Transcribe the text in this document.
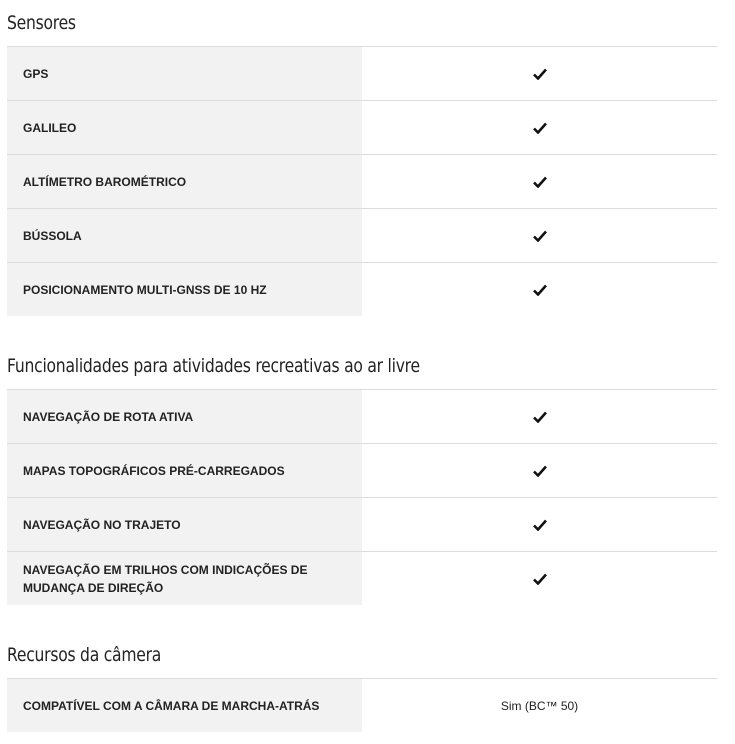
Sensores
GPS
GALILEO
ALTÍMETRO BAROMÉTRICO
BÚSSOLA
POSICIONAMENTO MULTI-GNSS DE 10 HZ
Funcionalidades para atividades recreativas ao ar livre
NAVEGAÇÃO DE ROTA ATIVA
MAPAS TOPOGRÁFICOS PRÉ-CARREGADOS
NAVEGAÇÃO NO TRAJETO
NAVEGAÇÃO EM TRILHOS COM INDICAÇÕES DE MUDANÇA DE DIREÇÃO
Recursos da câmera
COMPATÍVEL COM A CÂMARA DE MARCHA-ATRÁS	Sim (BC™ 50)
